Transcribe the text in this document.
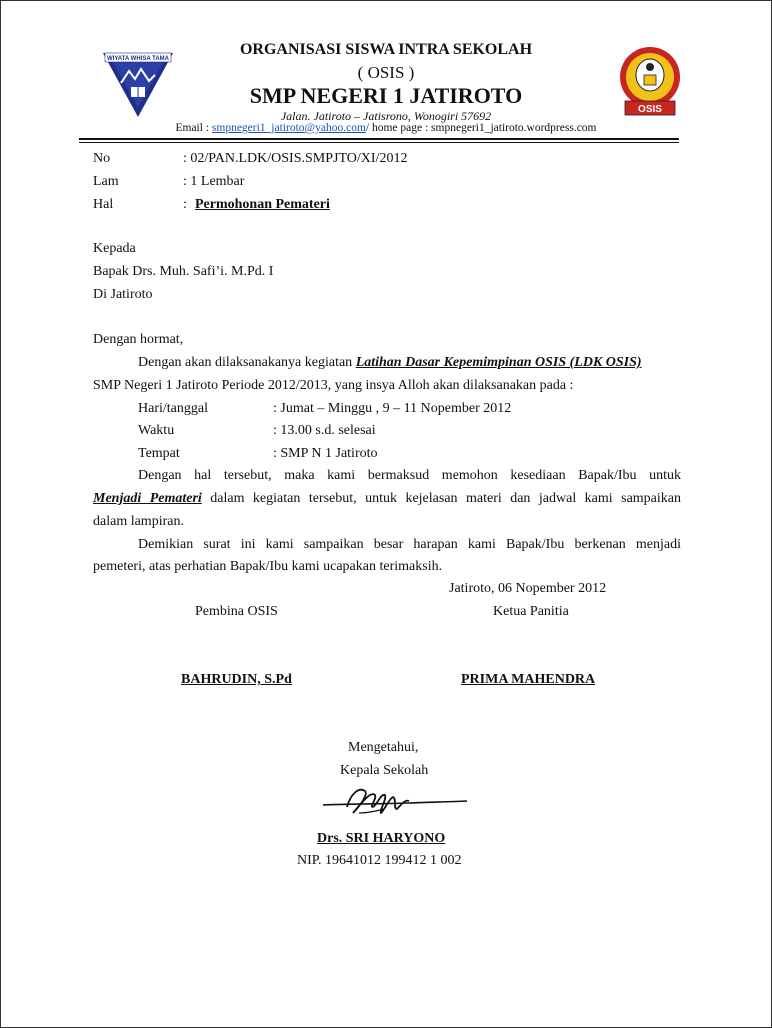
WIYATA WHISA TAMA
OSIS
ORGANISASI SISWA INTRA SEKOLAH
( OSIS )
SMP NEGERI 1 JATIROTO
Jalan. Jatiroto – Jatisrono, Wonogiri 57692
Email : smpnegeri1_jatiroto@yahoo.com/ home page : smpnegeri1_jatiroto.wordpress.com
No	: 02/PAN.LDK/OSIS.SMPJTO/XI/2012
Lam	: 1 Lembar
Hal	: Permohonan Pemateri
Kepada
Bapak Drs. Muh. Safi’i. M.Pd. I
Di Jatiroto
Dengan hormat,
Dengan akan dilaksanakanya kegiatan Latihan Dasar Kepemimpinan OSIS (LDK OSIS)
SMP Negeri 1 Jatiroto Periode 2012/2013, yang insya Alloh akan dilaksanakan pada :
Hari/tanggal	: Jumat – Minggu , 9 – 11 Nopember 2012
Waktu	: 13.00 s.d. selesai
Tempat	: SMP N 1 Jatiroto
Dengan hal tersebut, maka kami bermaksud memohon kesediaan Bapak/Ibu untuk
Menjadi Pemateri dalam kegiatan tersebut, untuk kejelasan materi dan jadwal kami sampaikan
dalam lampiran.
Demikian surat ini kami sampaikan besar harapan kami Bapak/Ibu berkenan menjadi
pemeteri, atas perhatian Bapak/Ibu kami ucapakan terimaksih.
Jatiroto, 06 Nopember 2012
Pembina OSIS	Ketua Panitia
BAHRUDIN, S.Pd	PRIMA MAHENDRA
Mengetahui,
Kepala Sekolah
Drs. SRI HARYONO
NIP. 19641012 199412 1 002
